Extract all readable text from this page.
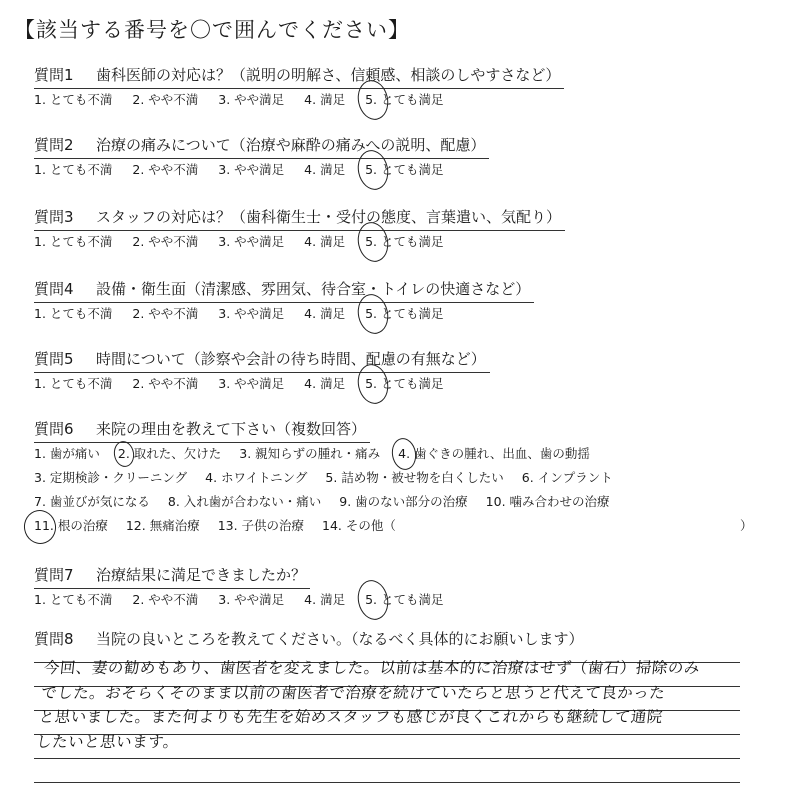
【該当する番号を〇で囲んでください】
質問1 歯科医師の対応は？（説明の明解さ、信頼感、相談のしやすさなど）
1. とても不満 2. やや不満 3. やや満足 4. 満足 5. とても満足
質問2 治療の痛みについて（治療や麻酔の痛みへの説明、配慮）
1. とても不満 2. やや不満 3. やや満足 4. 満足 5. とても満足
質問3 スタッフの対応は？（歯科衛生士・受付の態度、言葉遣い、気配り）
1. とても不満 2. やや不満 3. やや満足 4. 満足 5. とても満足
質問4 設備・衛生面（清潔感、雰囲気、待合室・トイレの快適さなど）
1. とても不満 2. やや不満 3. やや満足 4. 満足 5. とても満足
質問5 時間について（診察や会計の待ち時間、配慮の有無など）
1. とても不満 2. やや不満 3. やや満足 4. 満足 5. とても満足
質問6 来院の理由を教えて下さい（複数回答）
1. 歯が痛い 2. 取れた、欠けた 3. 親知らずの腫れ・痛み 4. 歯ぐきの腫れ、出血、歯の動揺
3. 定期検診・クリーニング 4. ホワイトニング 5. 詰め物・被せ物を白くしたい 6. インプラント
7. 歯並びが気になる 8. 入れ歯が合わない・痛い 9. 歯のない部分の治療 10. 噛み合わせの治療
11. 根の治療 12. 無痛治療 13. 子供の治療 14. その他（	）
質問7 治療結果に満足できましたか？
1. とても不満 2. やや不満 3. やや満足 4. 満足 5. とても満足
質問8 当院の良いところを教えてください。（なるべく具体的にお願いします）
今回、妻の勧めもあり、歯医者を変えました。以前は基本的に治療はせず（歯石）掃除のみ
でした。おそらくそのまま以前の歯医者で治療を続けていたらと思うと代えて良かった
と思いました。また何よりも先生を始めスタッフも感じが良くこれからも継続して通院
したいと思います。
